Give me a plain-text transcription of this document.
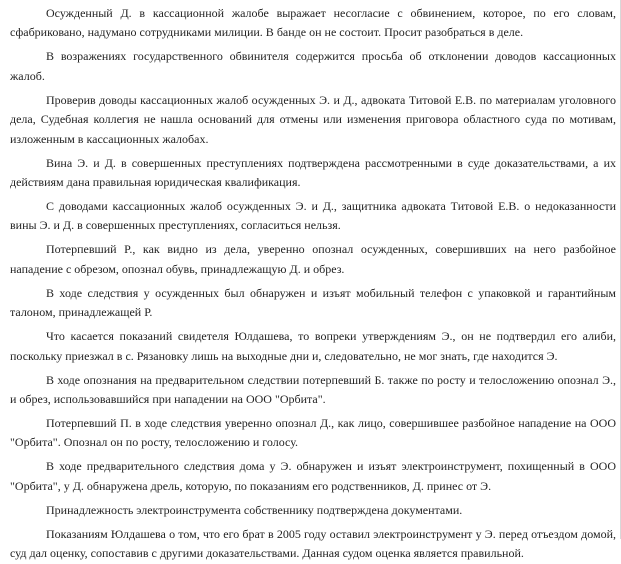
Осужденный Д. в кассационной жалобе выражает несогласие с обвинением, которое, по его словам, сфабриковано, надумано сотрудниками милиции. В банде он не состоит. Просит разобраться в деле.

В возражениях государственного обвинителя содержится просьба об отклонении доводов кассационных жалоб.

Проверив доводы кассационных жалоб осужденных Э. и Д., адвоката Титовой Е.В. по материалам уголовного дела, Судебная коллегия не нашла оснований для отмены или изменения приговора областного суда по мотивам, изложенным в кассационных жалобах.

Вина Э. и Д. в совершенных преступлениях подтверждена рассмотренными в суде доказательствами, а их действиям дана правильная юридическая квалификация.

С доводами кассационных жалоб осужденных Э. и Д., защитника адвоката Титовой Е.В. о недоказанности вины Э. и Д. в совершенных преступлениях, согласиться нельзя.

Потерпевший Р., как видно из дела, уверенно опознал осужденных, совершивших на него разбойное нападение с обрезом, опознал обувь, принадлежащую Д. и обрез.

В ходе следствия у осужденных был обнаружен и изъят мобильный телефон с упаковкой и гарантийным талоном, принадлежащей Р.

Что касается показаний свидетеля Юлдашева, то вопреки утверждениям Э., он не подтвердил его алиби, поскольку приезжал в с. Рязановку лишь на выходные дни и, следовательно, не мог знать, где находится Э.

В ходе опознания на предварительном следствии потерпевший Б. также по росту и телосложению опознал Э., и обрез, использовавшийся при нападении на ООО "Орбита".

Потерпевший П. в ходе следствия уверенно опознал Д., как лицо, совершившее разбойное нападение на ООО "Орбита". Опознал он по росту, телосложению и голосу.

В ходе предварительного следствия дома у Э. обнаружен и изъят электроинструмент, похищенный в ООО "Орбита", у Д. обнаружена дрель, которую, по показаниям его родственников, Д. принес от Э.

Принадлежность электроинструмента собственнику подтверждена документами.

Показаниям Юлдашева о том, что его брат в 2005 году оставил электроинструмент у Э. перед отъездом домой, суд дал оценку, сопоставив с другими доказательствами. Данная судом оценка является правильной.
